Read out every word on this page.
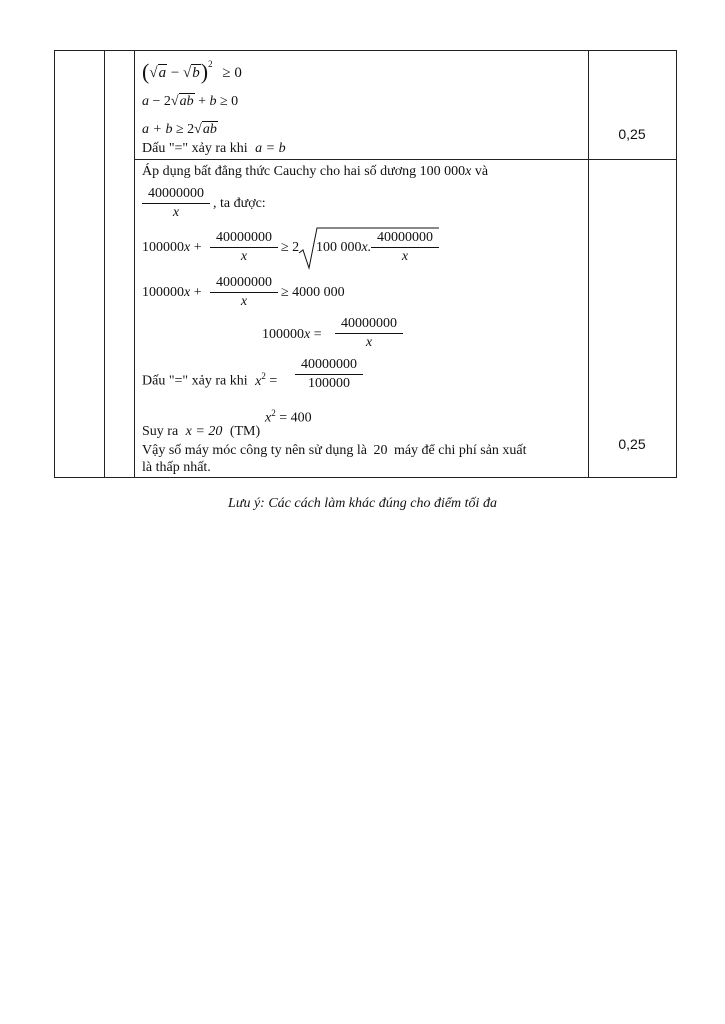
$(√a - √b)^2 \ge 0$
a − 2√ab + b ≥ 0
a + b ≥ 2√ab
Dấu "=" xảy ra khi a = b
0,25
Áp dụng bất đẳng thức Cauchy cho hai số dương 100 000x và
40000000
x
, ta được:
100000x +
40000000
x
≥ 2 100 000x.
40000000
x
100000x +
40000000
x
≥ 4000 000
100000x =
40000000
x
Dấu "=" xảy ra khi $x^2$ =
40000000
100000
$x^2 = 400$
Suy ra x = 20 (TM)
Vậy số máy móc công ty nên sử dụng là 20 máy để chi phí sản xuất
là thấp nhất.
0,25
Lưu ý: Các cách làm khác đúng cho điểm tối đa
